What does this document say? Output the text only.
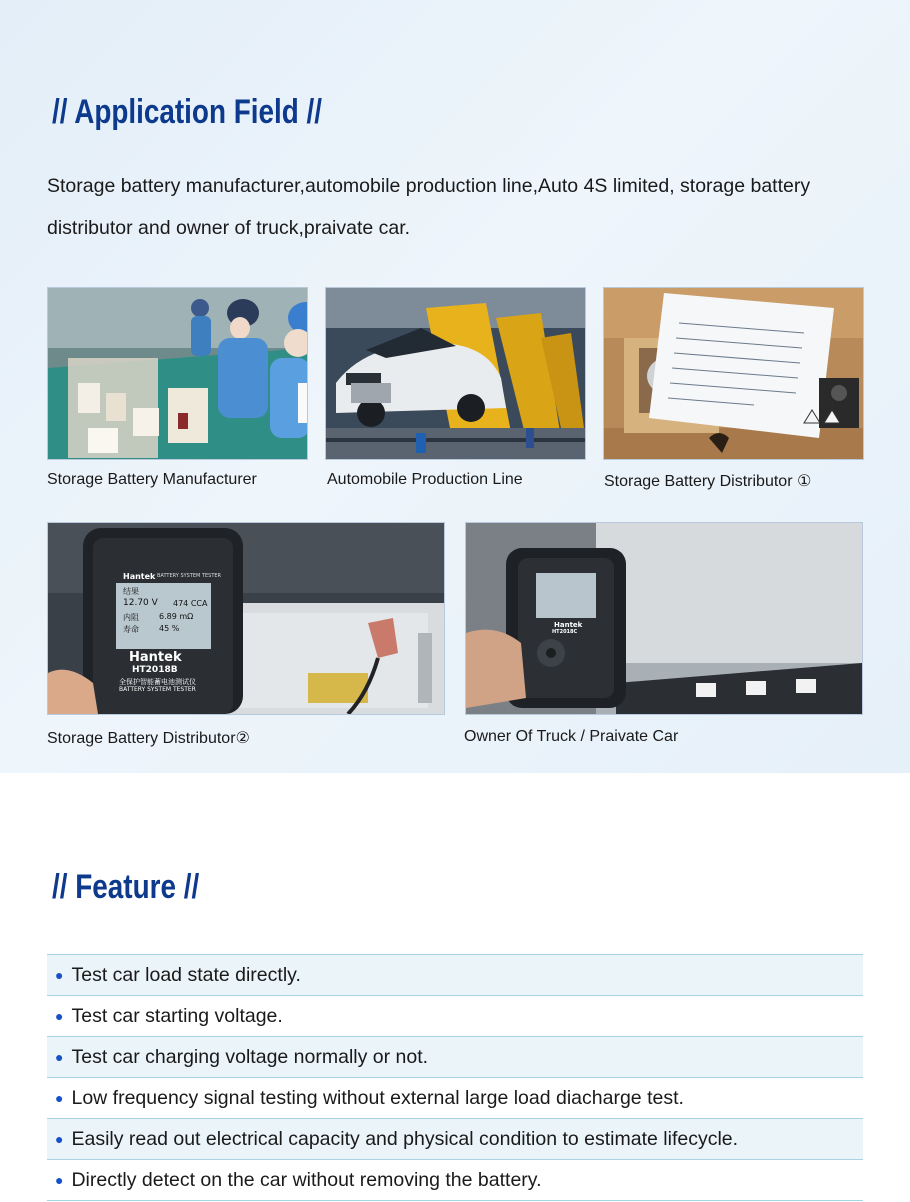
// Application Field //

Storage battery manufacturer,automobile production line,Auto 4S limited, storage battery distributor and owner of truck,praivate car.

Storage Battery Manufacturer	Automobile Production Line	Storage Battery Distributor ①
Hantek BATTERY SYSTEM TESTER
结果
12.70 V 474 CCA
内阻	6.89 mΩ
寿命	45 %
Hantek
HT2018B
全保护智能蓄电池测试仪
BATTERY SYSTEM TESTER
Storage Battery Distributor②
Hantek
HT2018C
Owner Of Truck / Praivate Car
// Feature //
● Test car load state directly.
● Test car starting voltage.
● Test car charging voltage normally or not.
● Low frequency signal testing without external large load diacharge test.
● Easily read out electrical capacity and physical condition to estimate lifecycle.
● Directly detect on the car without removing the battery.
